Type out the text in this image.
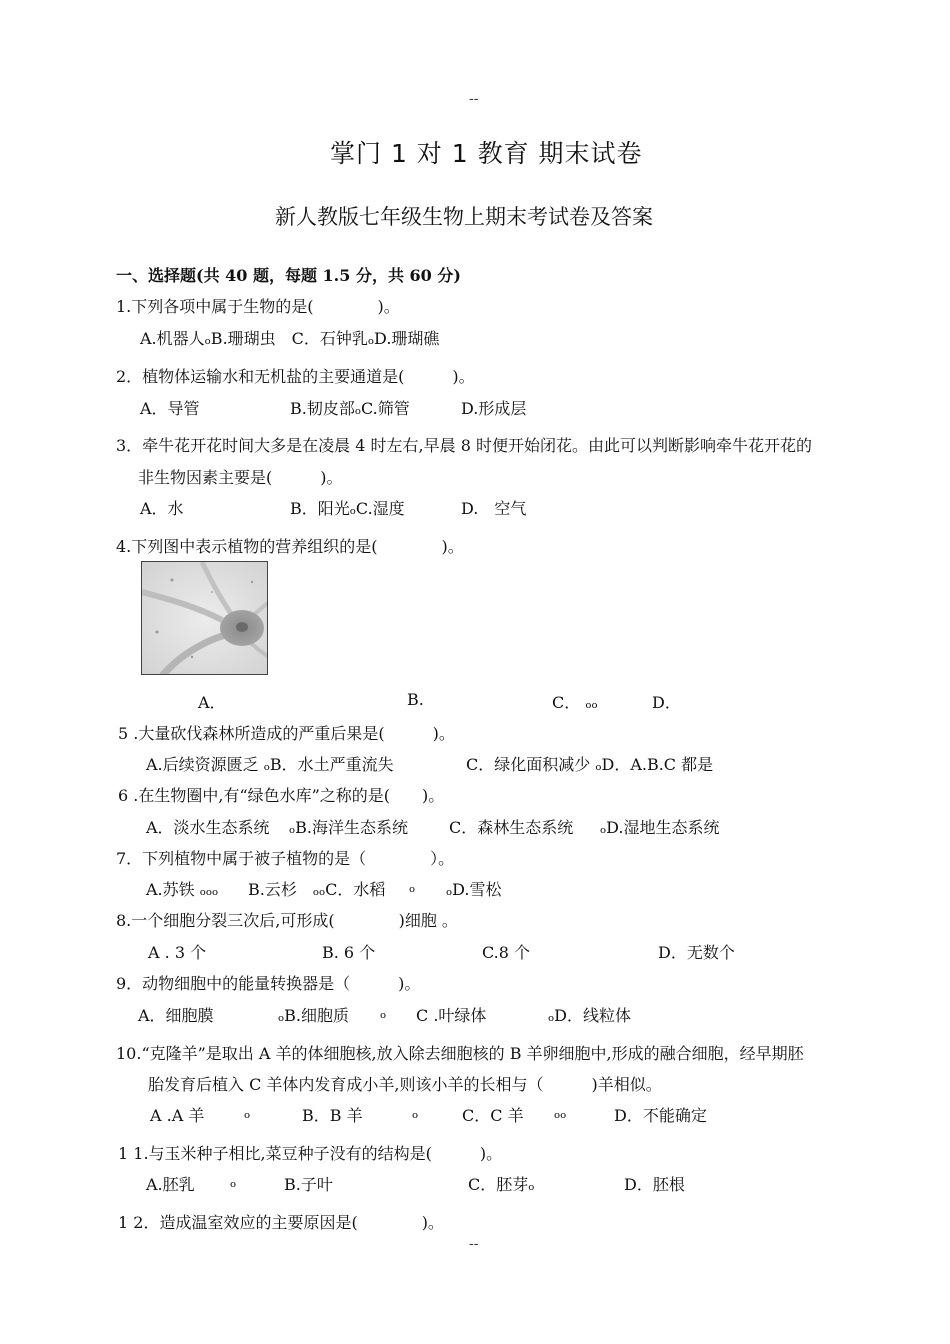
--
掌门 1 对 1 教育 期末试卷
新人教版七年级生物上期末考试卷及答案
一、选择题(共 40 题，每题 1.5 分，共 60 分)
1.下列各项中属于生物的是(　　　　)。
A.机器人ₒB.珊瑚虫　C．石钟乳ₒD.珊瑚礁
2．植物体运输水和无机盐的主要通道是(　　　)。
A．导管	B.韧皮部ₒC.筛管	D.形成层
3．牵牛花开花时间大多是在凌晨 4 时左右,早晨 8 时便开始闭花。由此可以判断影响牵牛花开花的
非生物因素主要是(　　　)。
A．水	B．阳光ₒC.湿度	D.　空气
4.下列图中表示植物的营养组织的是(　　　　)。
A．	B.	C． ₒₒ	D．
5 .大量砍伐森林所造成的严重后果是(　　　)。
A.后续资源匮乏 ₒB．水土严重流失	C．绿化面积减少 ₒD．A.B.C 都是
6 .在生物圈中,有“绿色水库”之称的是(　　)。
A．淡水生态系统 ₒB.海洋生态系统	C．森林生态系统 ₒD.湿地生态系统
7．下列植物中属于被子植物的是（　　　　）。
A.苏铁 ₒₒₒ B.云杉　ₒₒC．水稻 ₒ ₒD.雪松
8.一个细胞分裂三次后,可形成(　　　　)细胞 。
A . 3 个	B. 6 个	C.8 个	D．无数个
9．动物细胞中的能量转换器是（　　　)。
A．细胞膜	ₒB.细胞质 ₒ C .叶绿体	ₒD．线粒体
10.“克隆羊”是取出 A 羊的体细胞核,放入除去细胞核的 B 羊卵细胞中,形成的融合细胞，经早期胚
胎发育后植入 C 羊体内发育成小羊,则该小羊的长相与（　　　)羊相似。
A .A 羊 ₒ	B．B 羊	ₒ	C．C 羊 ₒₒ	D．不能确定
1 1.与玉米种子相比,菜豆种子没有的结构是(　　　)。
A.胚乳 ₒ	B.子叶	C．胚芽ₒ	D．胚根
1 2．造成温室效应的主要原因是(　　　　)。
--
